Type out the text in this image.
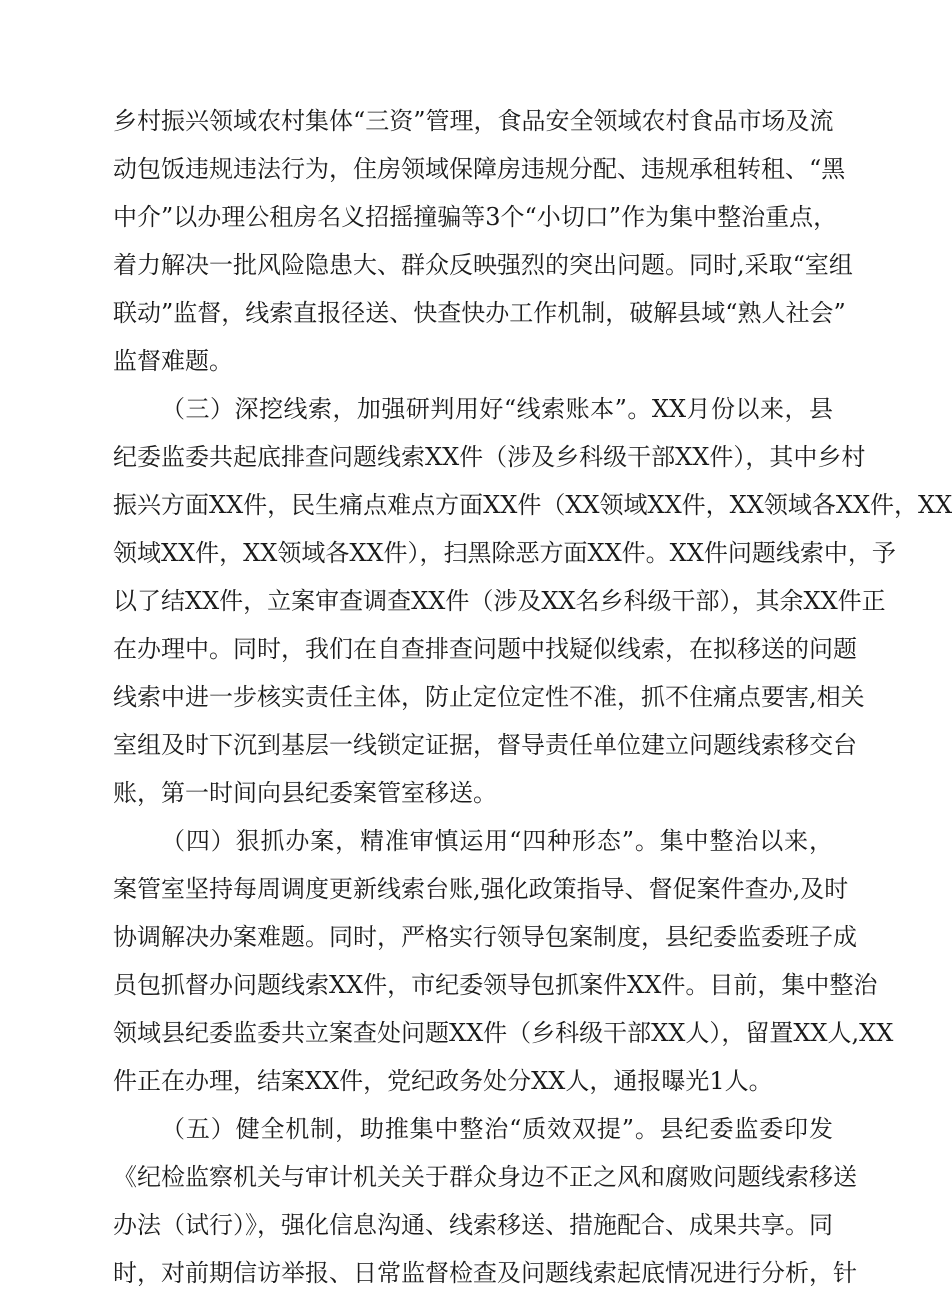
乡村振兴领域农村集体“三资”管理，食品安全领域农村食品市场及流
动包饭违规违法行为，住房领域保障房违规分配、违规承租转租、“黑
中介”以办理公租房名义招摇撞骗等3个“小切口”作为集中整治重点，
着力解决一批风险隐患大、群众反映强烈的突出问题。同时,采取“室组
联动”监督，线索直报径送、快查快办工作机制，破解县域“熟人社会”
监督难题。
（三）深挖线索，加强研判用好“线索账本”。XX月份以来，县
纪委监委共起底排查问题线索XX件（涉及乡科级干部XX件），其中乡村
振兴方面XX件，民生痛点难点方面XX件（XX领域XX件，XX领域各XX件，XX
领域XX件，XX领域各XX件），扫黑除恶方面XX件。XX件问题线索中，予
以了结XX件，立案审查调查XX件（涉及XX名乡科级干部），其余XX件正
在办理中。同时，我们在自查排查问题中找疑似线索，在拟移送的问题
线索中进一步核实责任主体，防止定位定性不准，抓不住痛点要害,相关
室组及时下沉到基层一线锁定证据，督导责任单位建立问题线索移交台
账，第一时间向县纪委案管室移送。
（四）狠抓办案，精准审慎运用“四种形态”。集中整治以来，
案管室坚持每周调度更新线索台账,强化政策指导、督促案件查办,及时
协调解决办案难题。同时，严格实行领导包案制度，县纪委监委班子成
员包抓督办问题线索XX件，市纪委领导包抓案件XX件。目前，集中整治
领域县纪委监委共立案查处问题XX件（乡科级干部XX人），留置XX人,XX
件正在办理，结案XX件，党纪政务处分XX人，通报曝光1人。
（五）健全机制，助推集中整治“质效双提”。县纪委监委印发
《纪检监察机关与审计机关关于群众身边不正之风和腐败问题线索移送
办法（试行）》，强化信息沟通、线索移送、措施配合、成果共享。同
时，对前期信访举报、日常监督检查及问题线索起底情况进行分析，针
